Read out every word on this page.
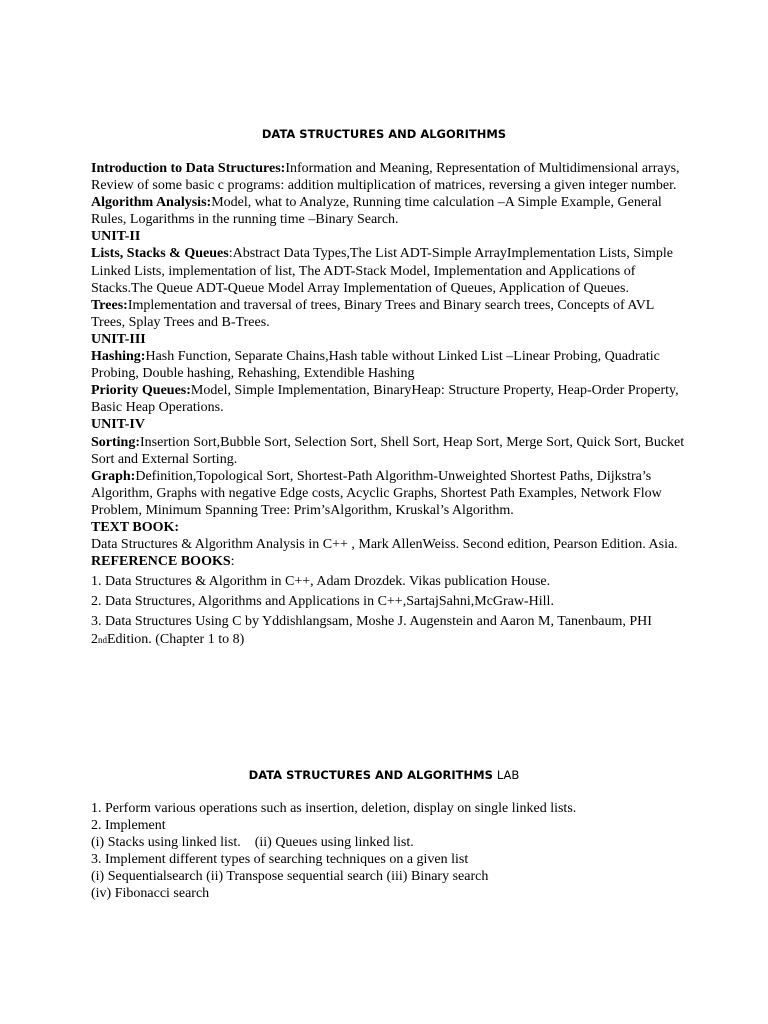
DATA STRUCTURES AND ALGORITHMS

Introduction to Data Structures:Information and Meaning, Representation of Multidimensional arrays, Review of some basic c programs: addition multiplication of matrices, reversing a given integer number.

Algorithm Analysis:Model, what to Analyze, Running time calculation –A Simple Example, General Rules, Logarithms in the running time –Binary Search.

UNIT-II

Lists, Stacks & Queues:Abstract Data Types,The List ADT-Simple ArrayImplementation Lists, Simple Linked Lists, implementation of list, The ADT-Stack Model, Implementation and Applications of Stacks.The Queue ADT-Queue Model Array Implementation of Queues, Application of Queues.

Trees:Implementation and traversal of trees, Binary Trees and Binary search trees, Concepts of AVL Trees, Splay Trees and B-Trees.

UNIT-III

Hashing:Hash Function, Separate Chains,Hash table without Linked List –Linear Probing, Quadratic Probing, Double hashing, Rehashing, Extendible Hashing

Priority Queues:Model, Simple Implementation, BinaryHeap: Structure Property, Heap-Order Property, Basic Heap Operations.

UNIT-IV

Sorting:Insertion Sort,Bubble Sort, Selection Sort, Shell Sort, Heap Sort, Merge Sort, Quick Sort, Bucket Sort and External Sorting.

Graph:Definition,Topological Sort, Shortest-Path Algorithm-Unweighted Shortest Paths, Dijkstra’s Algorithm, Graphs with negative Edge costs, Acyclic Graphs, Shortest Path Examples, Network Flow Problem, Minimum Spanning Tree: Prim’sAlgorithm, Kruskal’s Algorithm.

TEXT BOOK:

Data Structures & Algorithm Analysis in C++ , Mark AllenWeiss. Second edition, Pearson Edition. Asia.

REFERENCE BOOKS:

1. Data Structures & Algorithm in C++, Adam Drozdek. Vikas publication House.

2. Data Structures, Algorithms and Applications in C++,SartajSahni,McGraw-Hill.

3. Data Structures Using C by Yddishlangsam, Moshe J. Augenstein and Aaron M, Tanenbaum, PHI 2ndEdition. (Chapter 1 to 8)

DATA STRUCTURES AND ALGORITHMS LAB

1. Perform various operations such as insertion, deletion, display on single linked lists.

2. Implement

(i) Stacks using linked list.    (ii) Queues using linked list.

3. Implement different types of searching techniques on a given list

(i) Sequentialsearch (ii) Transpose sequential search (iii) Binary search

(iv) Fibonacci search
